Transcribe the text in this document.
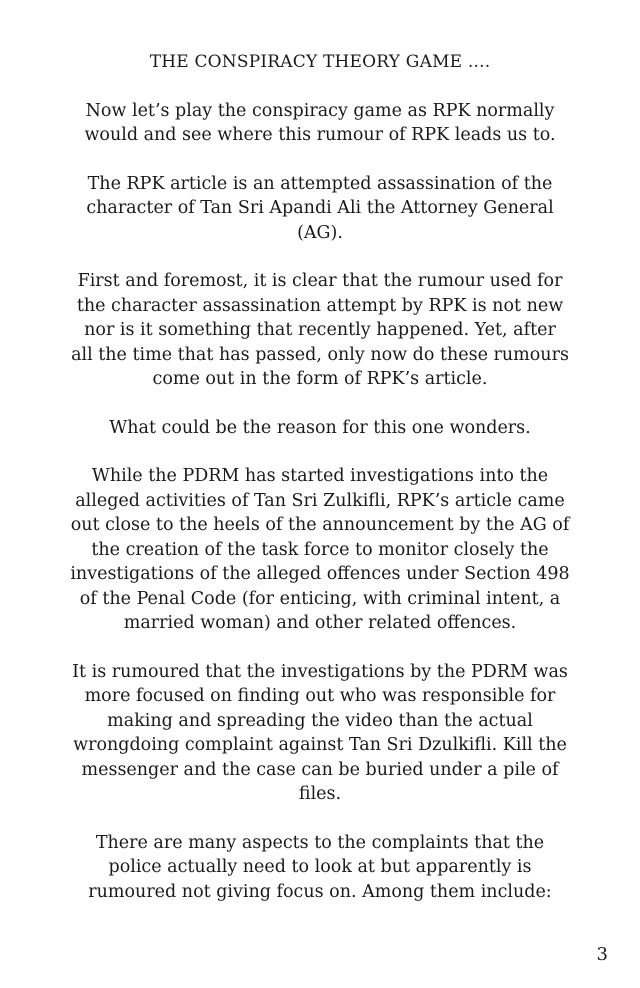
THE CONSPIRACY THEORY GAME ....
Now let’s play the conspiracy game as RPK normally
would and see where this rumour of RPK leads us to.
The RPK article is an attempted assassination of the
character of Tan Sri Apandi Ali the Attorney General
(AG).
First and foremost, it is clear that the rumour used for
the character assassination attempt by RPK is not new
nor is it something that recently happened. Yet, after
all the time that has passed, only now do these rumours
come out in the form of RPK’s article.
What could be the reason for this one wonders.
While the PDRM has started investigations into the
alleged activities of Tan Sri Zulkifli, RPK’s article came
out close to the heels of the announcement by the AG of
the creation of the task force to monitor closely the
investigations of the alleged offences under Section 498
of the Penal Code (for enticing, with criminal intent, a
married woman) and other related offences.
It is rumoured that the investigations by the PDRM was
more focused on finding out who was responsible for
making and spreading the video than the actual
wrongdoing complaint against Tan Sri Dzulkifli. Kill the
messenger and the case can be buried under a pile of
files.
There are many aspects to the complaints that the
police actually need to look at but apparently is
rumoured not giving focus on. Among them include:
3
